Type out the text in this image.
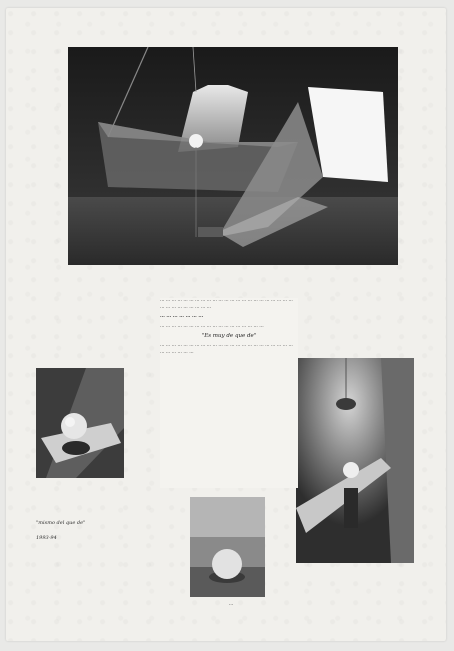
... ... ... ... ... ... ... ... ... ... ... ... ... ... ... ... ... ... ... ... ... ... ... ... ... ... ... ... ... ... ... ...

... ... ... ... ... ... ...

... ... ... ... ... ... ... ... ... ... ... ... ... ... ... ... ... ...

"Es muy de que de"

... ... ... ... ... ... ... ... ... ... ... ... ... ... ... ... ... ... ... ... ... ... ... ... ... ... ... ... ...

"mismo del que de"
1993-94
...
